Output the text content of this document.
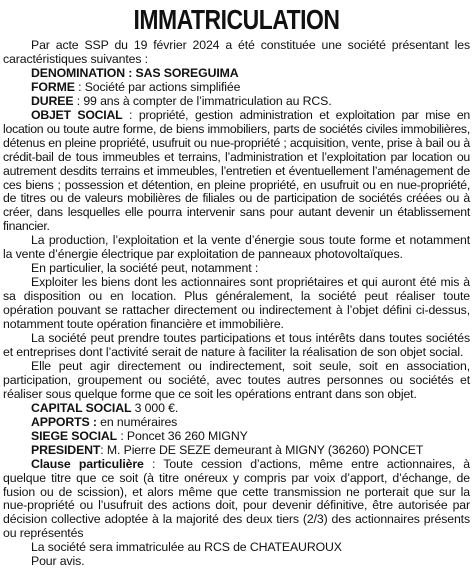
IMMATRICULATION

Par acte SSP du 19 février 2024 a été constituée une société présentant les caractéristiques suivantes :

DENOMINATION : SAS SOREGUIMA

FORME : Société par actions simplifiée

DUREE : 99 ans à compter de l’immatriculation au RCS.

OBJET SOCIAL : propriété, gestion administration et exploitation par mise en location ou toute autre forme, de biens immobiliers, parts de sociétés civiles immobilières, détenus en pleine propriété, usufruit ou nue-propriété ; acquisition, vente, prise à bail ou à crédit-bail de tous immeubles et terrains, l’administration et l’exploitation par location ou autrement desdits terrains et immeubles, l’entretien et éventuellement l’aménagement de ces biens ; possession et détention, en pleine propriété, en usufruit ou en nue-propriété, de titres ou de valeurs mobilières de filiales ou de participation de sociétés créées ou à créer, dans lesquelles elle pourra intervenir sans pour autant devenir un établissement financier.

La production, l’exploitation et la vente d’énergie sous toute forme et notamment la vente d’énergie électrique par exploitation de panneaux photovoltaïques.

En particulier, la société peut, notamment :

Exploiter les biens dont les actionnaires sont propriétaires et qui auront été mis à sa disposition ou en location. Plus généralement, la société peut réaliser toute opération pouvant se rattacher directement ou indirectement à l’objet défini ci-dessus, notamment toute opération financière et immobilière.

La société peut prendre toutes participations et tous intérêts dans toutes sociétés et entreprises dont l’activité serait de nature à faciliter la réalisation de son objet social.

Elle peut agir directement ou indirectement, soit seule, soit en association, participation, groupement ou société, avec toutes autres personnes ou sociétés et réaliser sous quelque forme que ce soit les opérations entrant dans son objet.

CAPITAL SOCIAL 3 000 €.

APPORTS : en numéraires

SIEGE SOCIAL : Poncet 36 260 MIGNY

PRESIDENT: M. Pierre DE SEZE demeurant à MIGNY (36260) PONCET

Clause particulière : Toute cession d’actions, même entre actionnaires, à quelque titre que ce soit (à titre onéreux y compris par voix d’apport, d’échange, de fusion ou de scission), et alors même que cette transmission ne porterait que sur la nue-propriété ou l’usufruit des actions doit, pour devenir définitive, être autorisée par décision collective adoptée à la majorité des deux tiers (2/3) des actionnaires présents ou représentés

La société sera immatriculée au RCS de CHATEAUROUX

Pour avis.
